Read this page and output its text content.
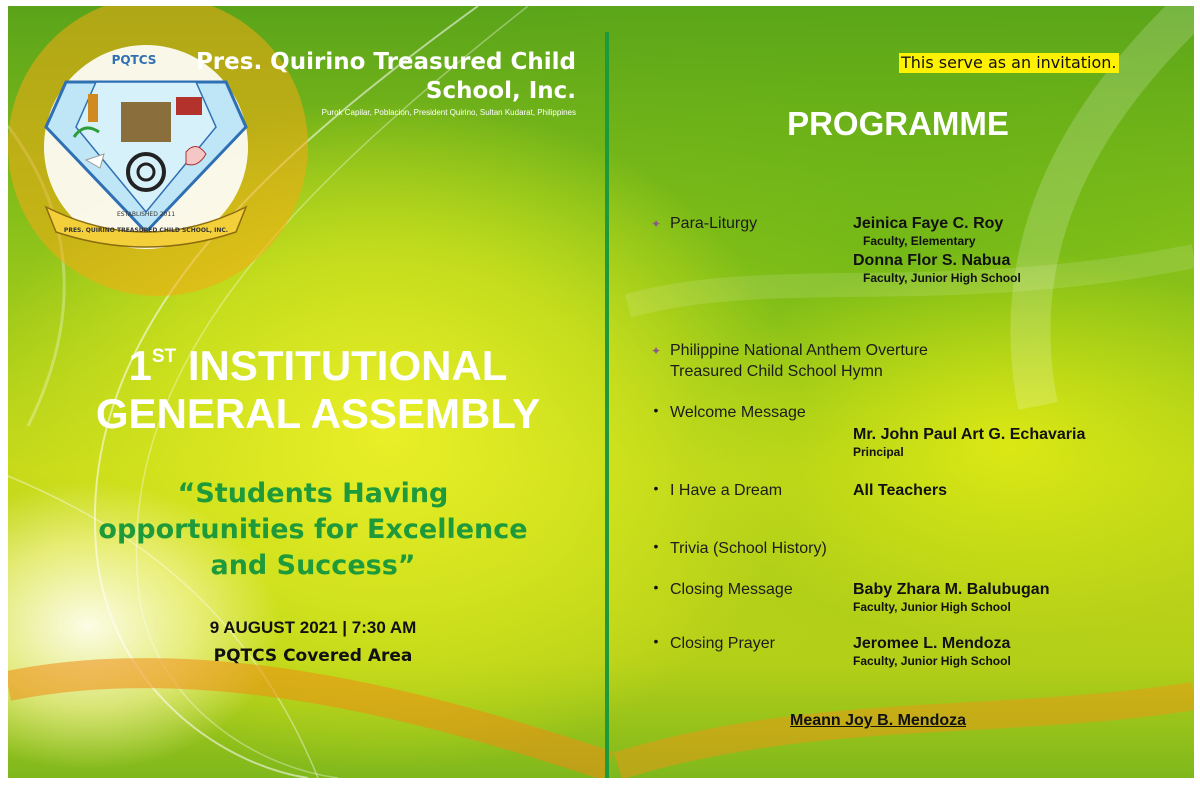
PRES. QUIRINO TREASURED CHILD SCHOOL, INC.
ESTABLISHED 2011
PQTCS	Pres. Quirino Treasured Child
School, Inc.
Purok Capilar, Poblacion, President Quirino, Sultan Kudarat, Philippines
1ST INSTITUTIONAL
GENERAL ASSEMBLY
“Students Having
opportunities for Excellence
and Success”
9 AUGUST 2021 | 7:30 AM
PQTCS Covered Area
This serve as an invitation.
PROGRAMME
✦ Para-Liturgy	Jeinica Faye C. Roy
Faculty, Elementary
Donna Flor S. Nabua
Faculty, Junior High School
✦ Philippine National Anthem Overture
Treasured Child School Hymn
• Welcome Message
Mr. John Paul Art G. Echavaria
Principal
• I Have a Dream	All Teachers
• Trivia (School History)
• Closing Message	Baby Zhara M. Balubugan
Faculty, Junior High School
• Closing Prayer	Jeromee L. Mendoza
Faculty, Junior High School
Meann Joy B. Mendoza
